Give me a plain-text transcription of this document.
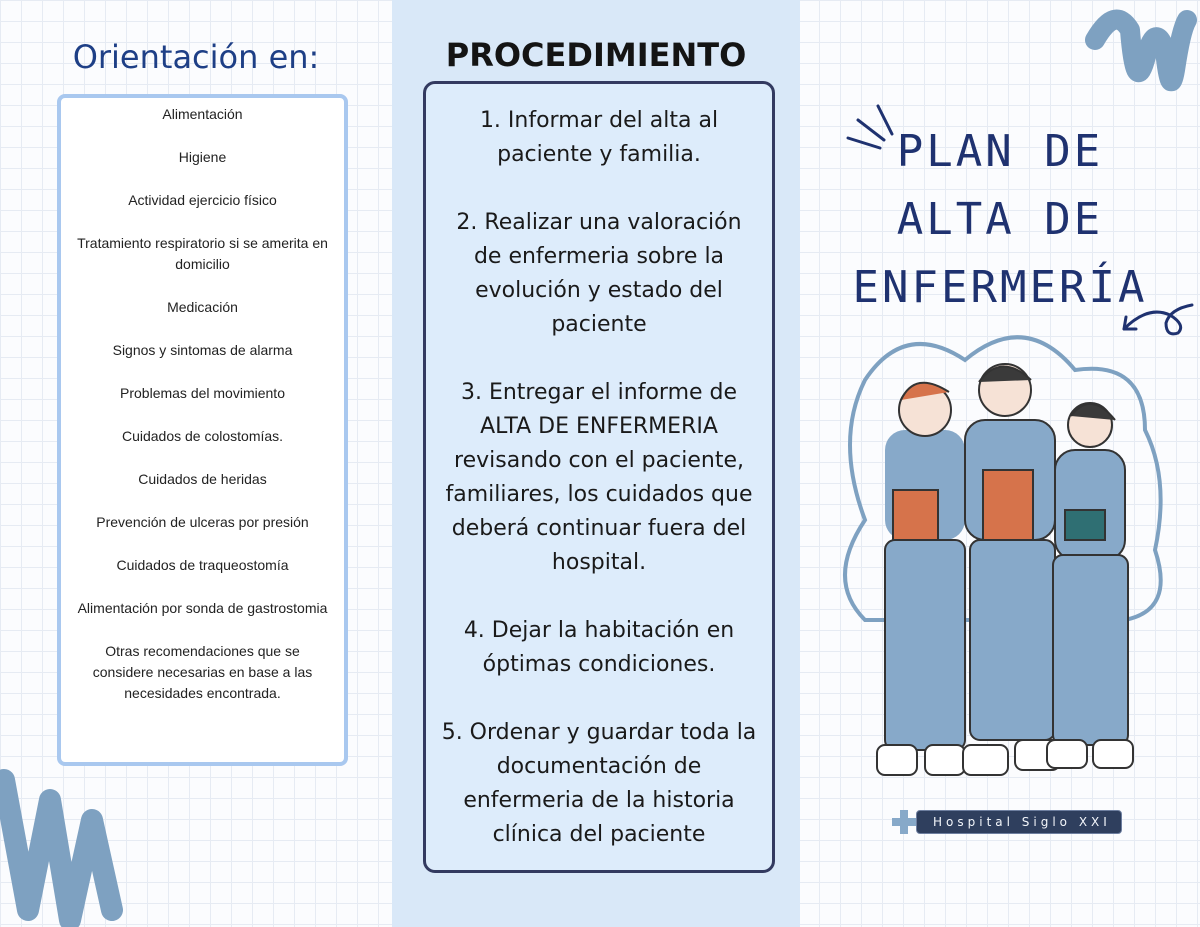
Orientación en:
Alimentación
Higiene
Actividad ejercicio físico
Tratamiento respiratorio si se amerita en domicilio
Medicación
Signos y sintomas de alarma
Problemas del movimiento
Cuidados de colostomías.
Cuidados de heridas
Prevención de ulceras por presión
Cuidados de traqueostomía
Alimentación por sonda de gastrostomia
Otras recomendaciones que se considere necesarias en base a las necesidades encontrada.
PROCEDIMIENTO

1. Informar del alta al paciente y familia.

2. Realizar una valoración de enfermeria sobre la evolución y estado del paciente

3. Entregar el informe de ALTA DE ENFERMERIA revisando con el paciente, familiares, los cuidados que deberá continuar fuera del hospital.

4. Dejar la habitación en óptimas condiciones.

5. Ordenar y guardar toda la documentación de enfermeria de la historia clínica del paciente

PLAN DE
ALTA DE
ENFERMERÍA
Hospital Siglo XXI
